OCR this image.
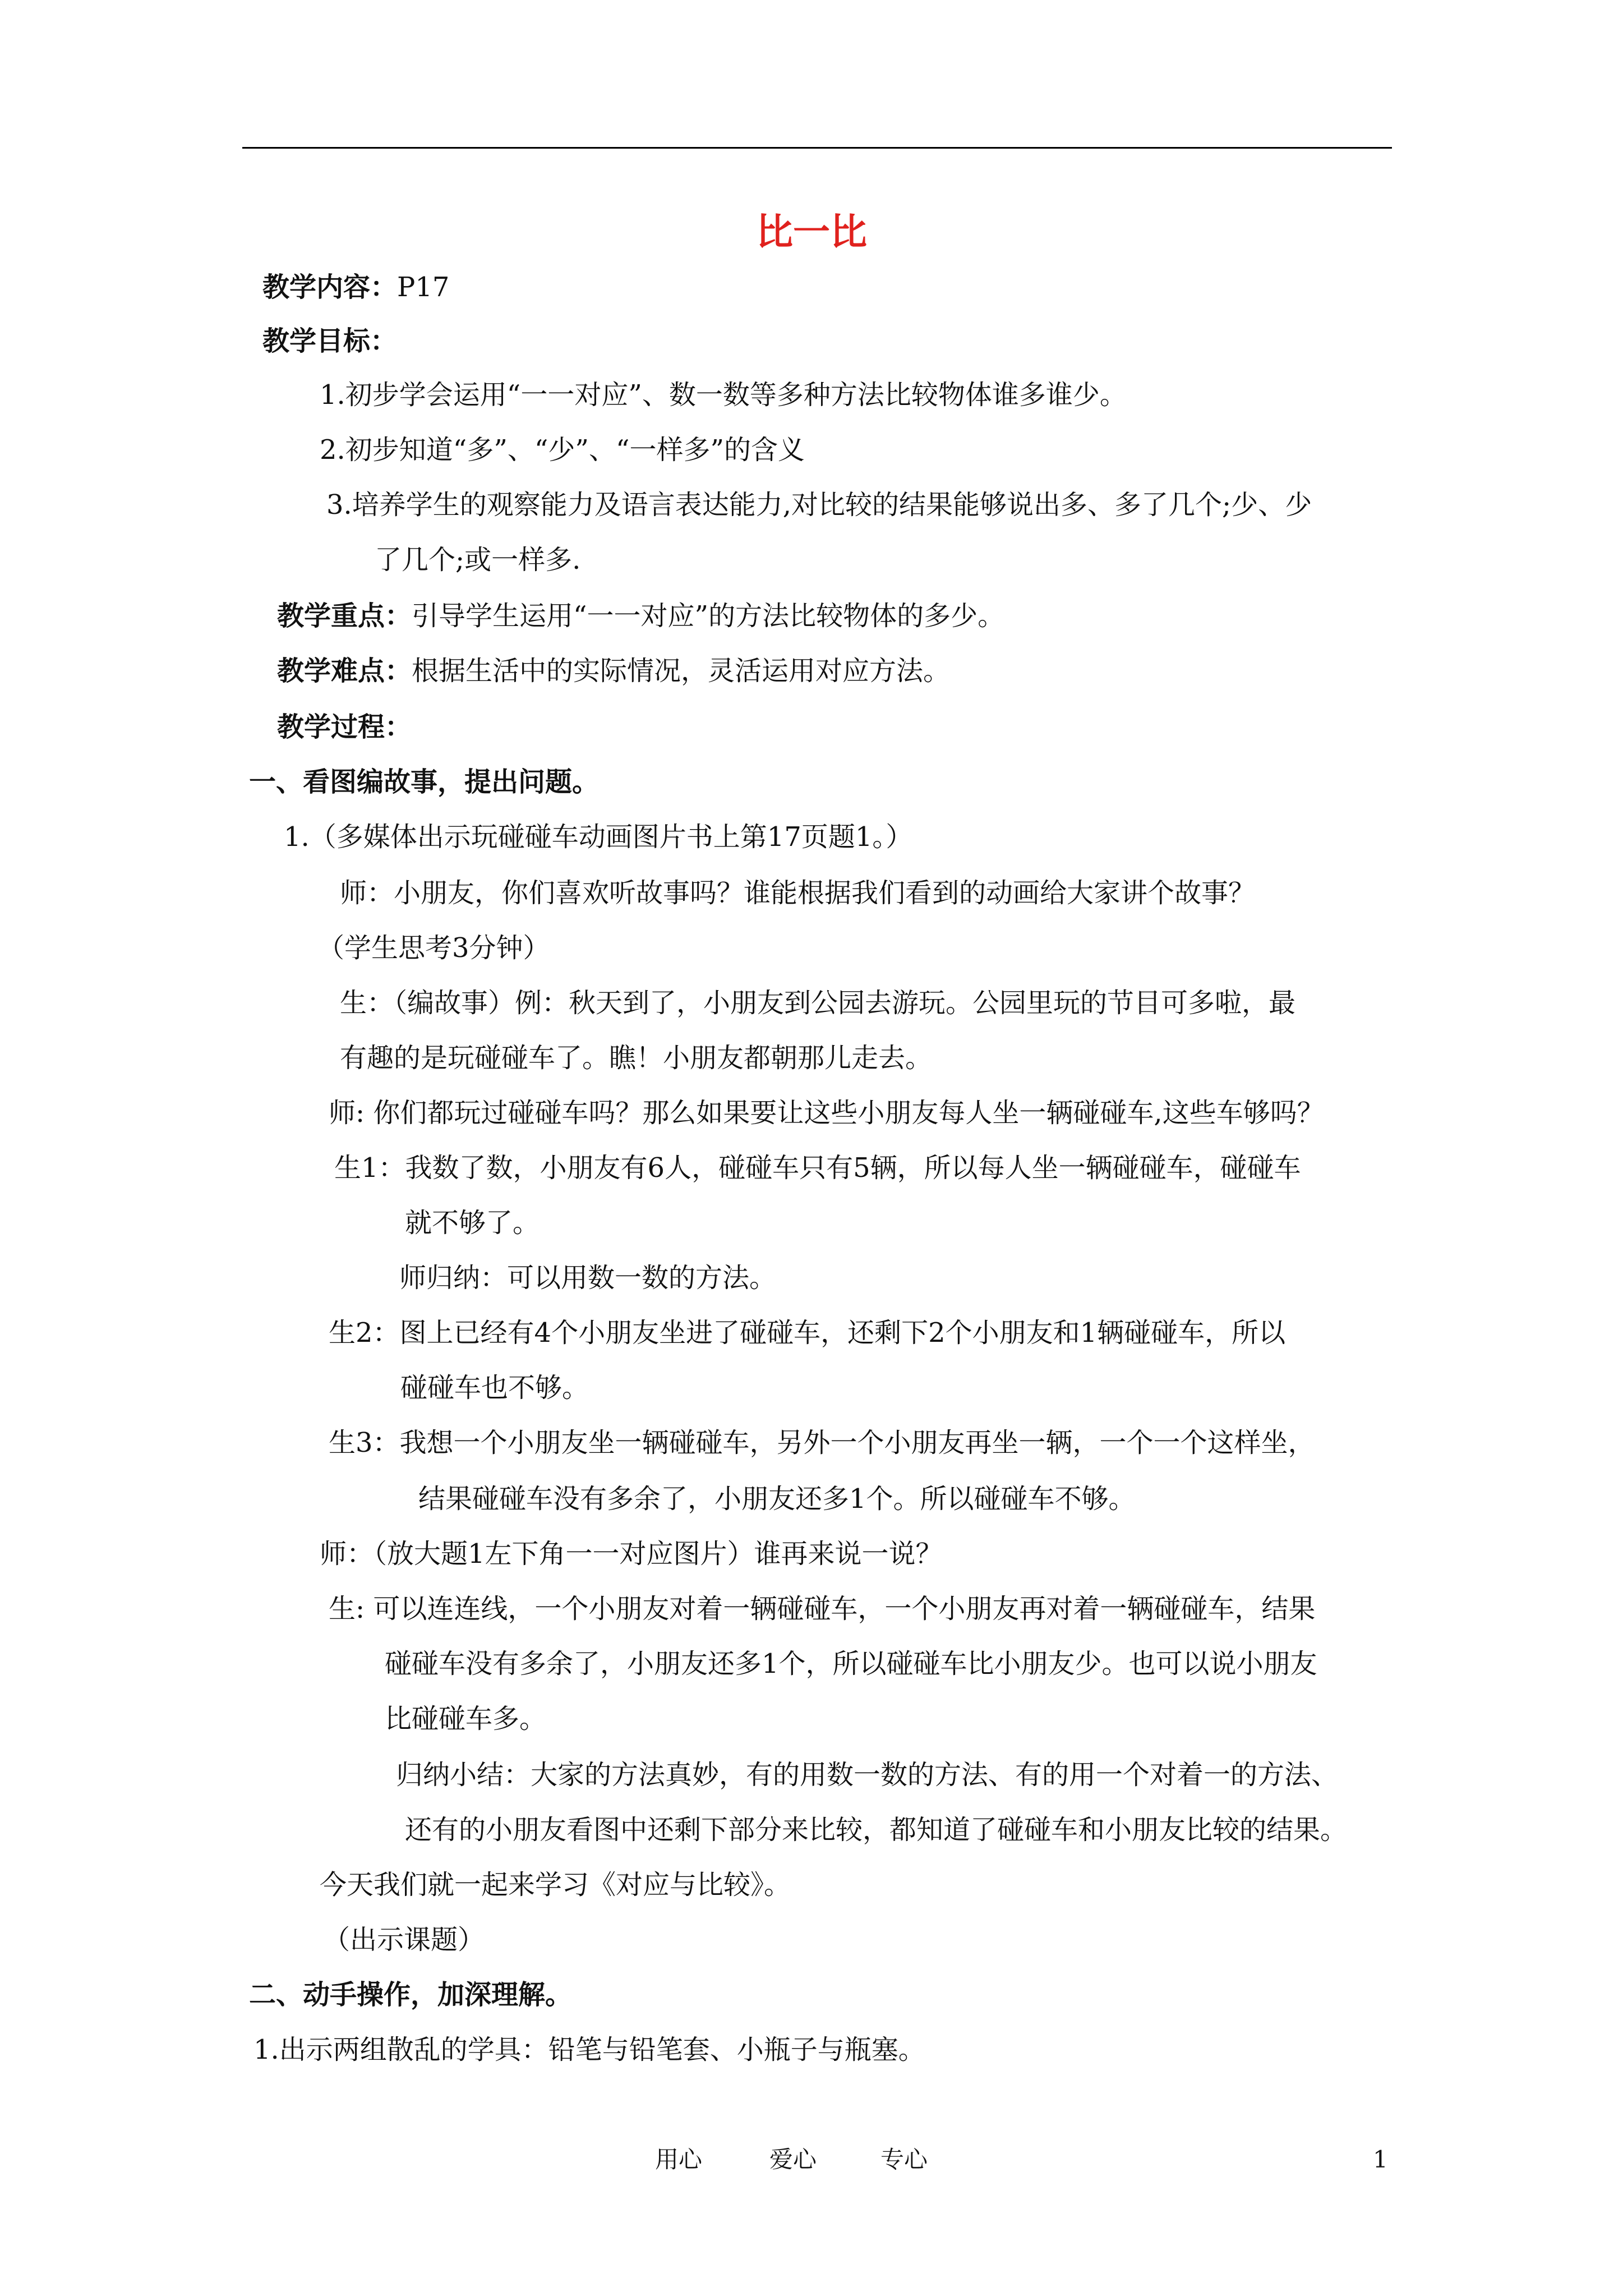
比一比
教学内容：P17
教学目标：
1.初步学会运用“一一对应”、数一数等多种方法比较物体谁多谁少。
2.初步知道“多”、“少”、“一样多”的含义
3.培养学生的观察能力及语言表达能力,对比较的结果能够说出多、多了几个;少、少
了几个;或一样多.
教学重点：引导学生运用“一一对应”的方法比较物体的多少。
教学难点：根据生活中的实际情况，灵活运用对应方法。
教学过程：
一、看图编故事，提出问题。
1.（多媒体出示玩碰碰车动画图片书上第17页题1。）
师：小朋友，你们喜欢听故事吗？谁能根据我们看到的动画给大家讲个故事？
（学生思考3分钟）
生：（编故事）例：秋天到了，小朋友到公园去游玩。公园里玩的节目可多啦，最
有趣的是玩碰碰车了。瞧！小朋友都朝那儿走去。
师: 你们都玩过碰碰车吗？那么如果要让这些小朋友每人坐一辆碰碰车,这些车够吗？
生1：我数了数，小朋友有6人，碰碰车只有5辆，所以每人坐一辆碰碰车，碰碰车
就不够了。
师归纳：可以用数一数的方法。
生2：图上已经有4个小朋友坐进了碰碰车，还剩下2个小朋友和1辆碰碰车，所以
碰碰车也不够。
生3：我想一个小朋友坐一辆碰碰车，另外一个小朋友再坐一辆，一个一个这样坐，
结果碰碰车没有多余了，小朋友还多1个。所以碰碰车不够。
师：（放大题1左下角一一对应图片）谁再来说一说？
生: 可以连连线，一个小朋友对着一辆碰碰车，一个小朋友再对着一辆碰碰车，结果
碰碰车没有多余了，小朋友还多1个，所以碰碰车比小朋友少。也可以说小朋友
比碰碰车多。
归纳小结：大家的方法真妙，有的用数一数的方法、有的用一个对着一的方法、
还有的小朋友看图中还剩下部分来比较，都知道了碰碰车和小朋友比较的结果。
今天我们就一起来学习《对应与比较》。
（出示课题）
二、动手操作，加深理解。
1.出示两组散乱的学具：铅笔与铅笔套、小瓶子与瓶塞。
用心	爱心	专心	1
